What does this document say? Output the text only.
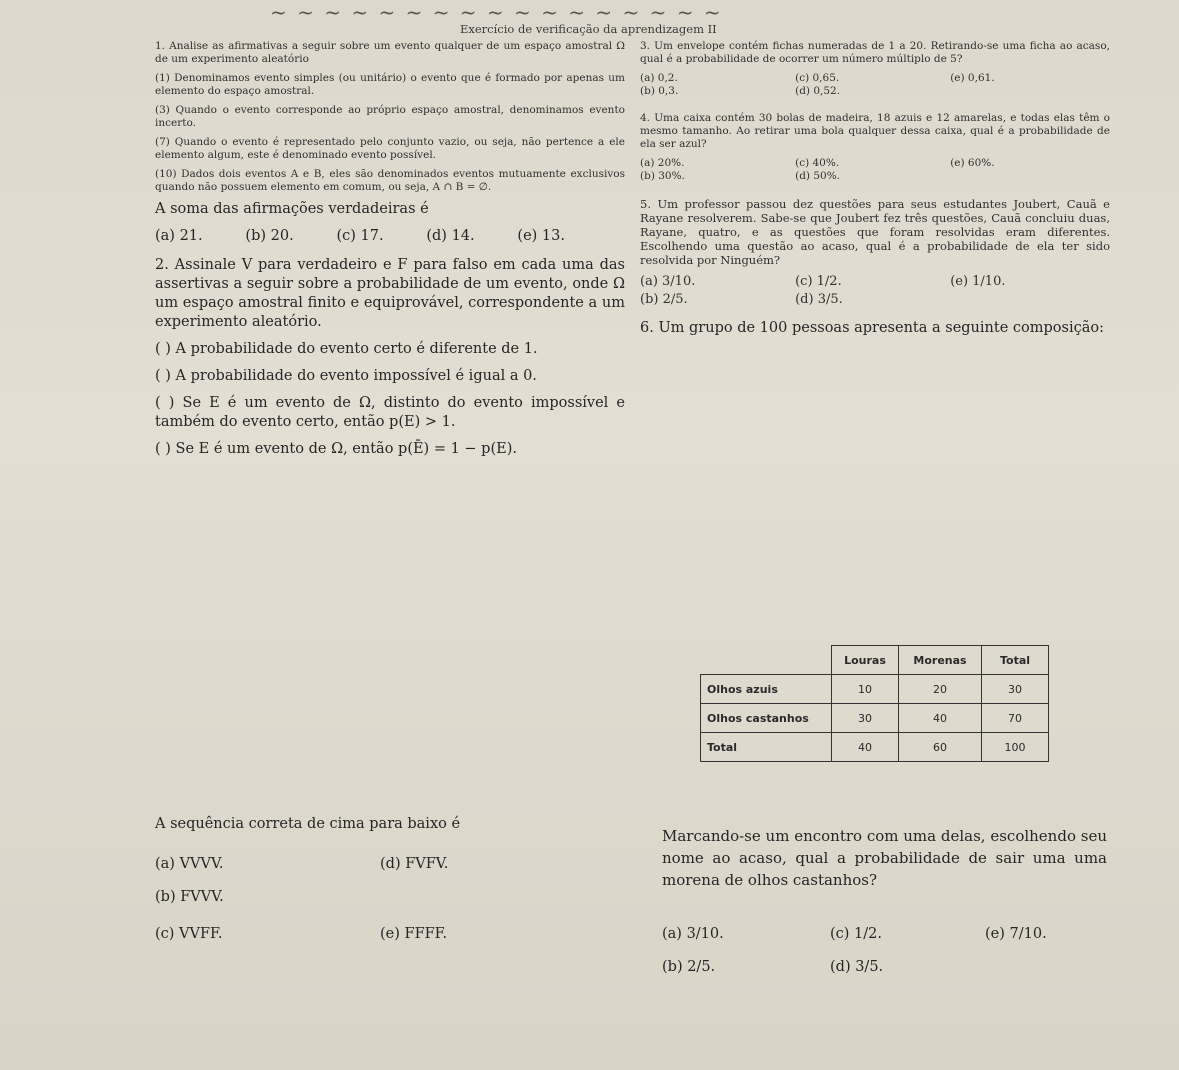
~ ~ ~ ~ ~ ~ ~ ~ ~ ~ ~ ~ ~ ~ ~ ~ ~
Exercício de verificação da aprendizagem II

1. Analise as afirmativas a seguir sobre um evento qualquer de um espaço amostral Ω de um experimento aleatório

(1) Denominamos evento simples (ou unitário) o evento que é formado por apenas um elemento do espaço amostral.

(3) Quando o evento corresponde ao próprio espaço amostral, denominamos evento incerto.

(7) Quando o evento é representado pelo conjunto vazio, ou seja, não pertence a ele elemento algum, este é denominado evento possível.

(10) Dados dois eventos A e B, eles são denominados eventos mutuamente exclusivos quando não possuem elemento em comum, ou seja, A ∩ B = ∅.

A soma das afirmações verdadeiras é

(a) 21.	(b) 20.	(c) 17.	(d) 14.	(e) 13.

2. Assinale V para verdadeiro e F para falso em cada uma das assertivas a seguir sobre a probabilidade de um evento, onde Ω um espaço amostral finito e equiprovável, correspondente a um experimento aleatório.

( ) A probabilidade do evento certo é diferente de 1.

( ) A probabilidade do evento impossível é igual a 0.

( ) Se E é um evento de Ω, distinto do evento impossível e também do evento certo, então p(E) > 1.

( ) Se E é um evento de Ω, então p(Ē) = 1 − p(E).

A sequência correta de cima para baixo é

(a) VVVV.	(d) FVFV.
(b) FVVV.
(c) VVFF.	(e) FFFF.

3. Um envelope contém fichas numeradas de 1 a 20. Retirando-se uma ficha ao acaso, qual é a probabilidade de ocorrer um número múltiplo de 5?

(a) 0,2.	(c) 0,65.	(e) 0,61.
(b) 0,3.	(d) 0,52.

4. Uma caixa contém 30 bolas de madeira, 18 azuis e 12 amarelas, e todas elas têm o mesmo tamanho. Ao retirar uma bola qualquer dessa caixa, qual é a probabilidade de ela ser azul?

(a) 20%.	(c) 40%.	(e) 60%.
(b) 30%.	(d) 50%.

5. Um professor passou dez questões para seus estudantes Joubert, Cauã e Rayane resolverem. Sabe-se que Joubert fez três questões, Cauã concluiu duas, Rayane, quatro, e as questões que foram resolvidas eram diferentes. Escolhendo uma questão ao acaso, qual é a probabilidade de ela ter sido resolvida por Ninguém?

(a) 3/10.	(c) 1/2.	(e) 1/10.
(b) 2/5.	(d) 3/5.

6. Um grupo de 100 pessoas apresenta a seguinte composição:

	Louras	Morenas	Total
Olhos azuis	10	20	30
Olhos castanhos	30	40	70
Total	40	60	100
Marcando-se um encontro com uma delas, escolhendo seu nome ao acaso, qual a probabilidade de sair uma uma morena de olhos castanhos?
(a) 3/10.	(c) 1/2.	(e) 7/10.
(b) 2/5.	(d) 3/5.
